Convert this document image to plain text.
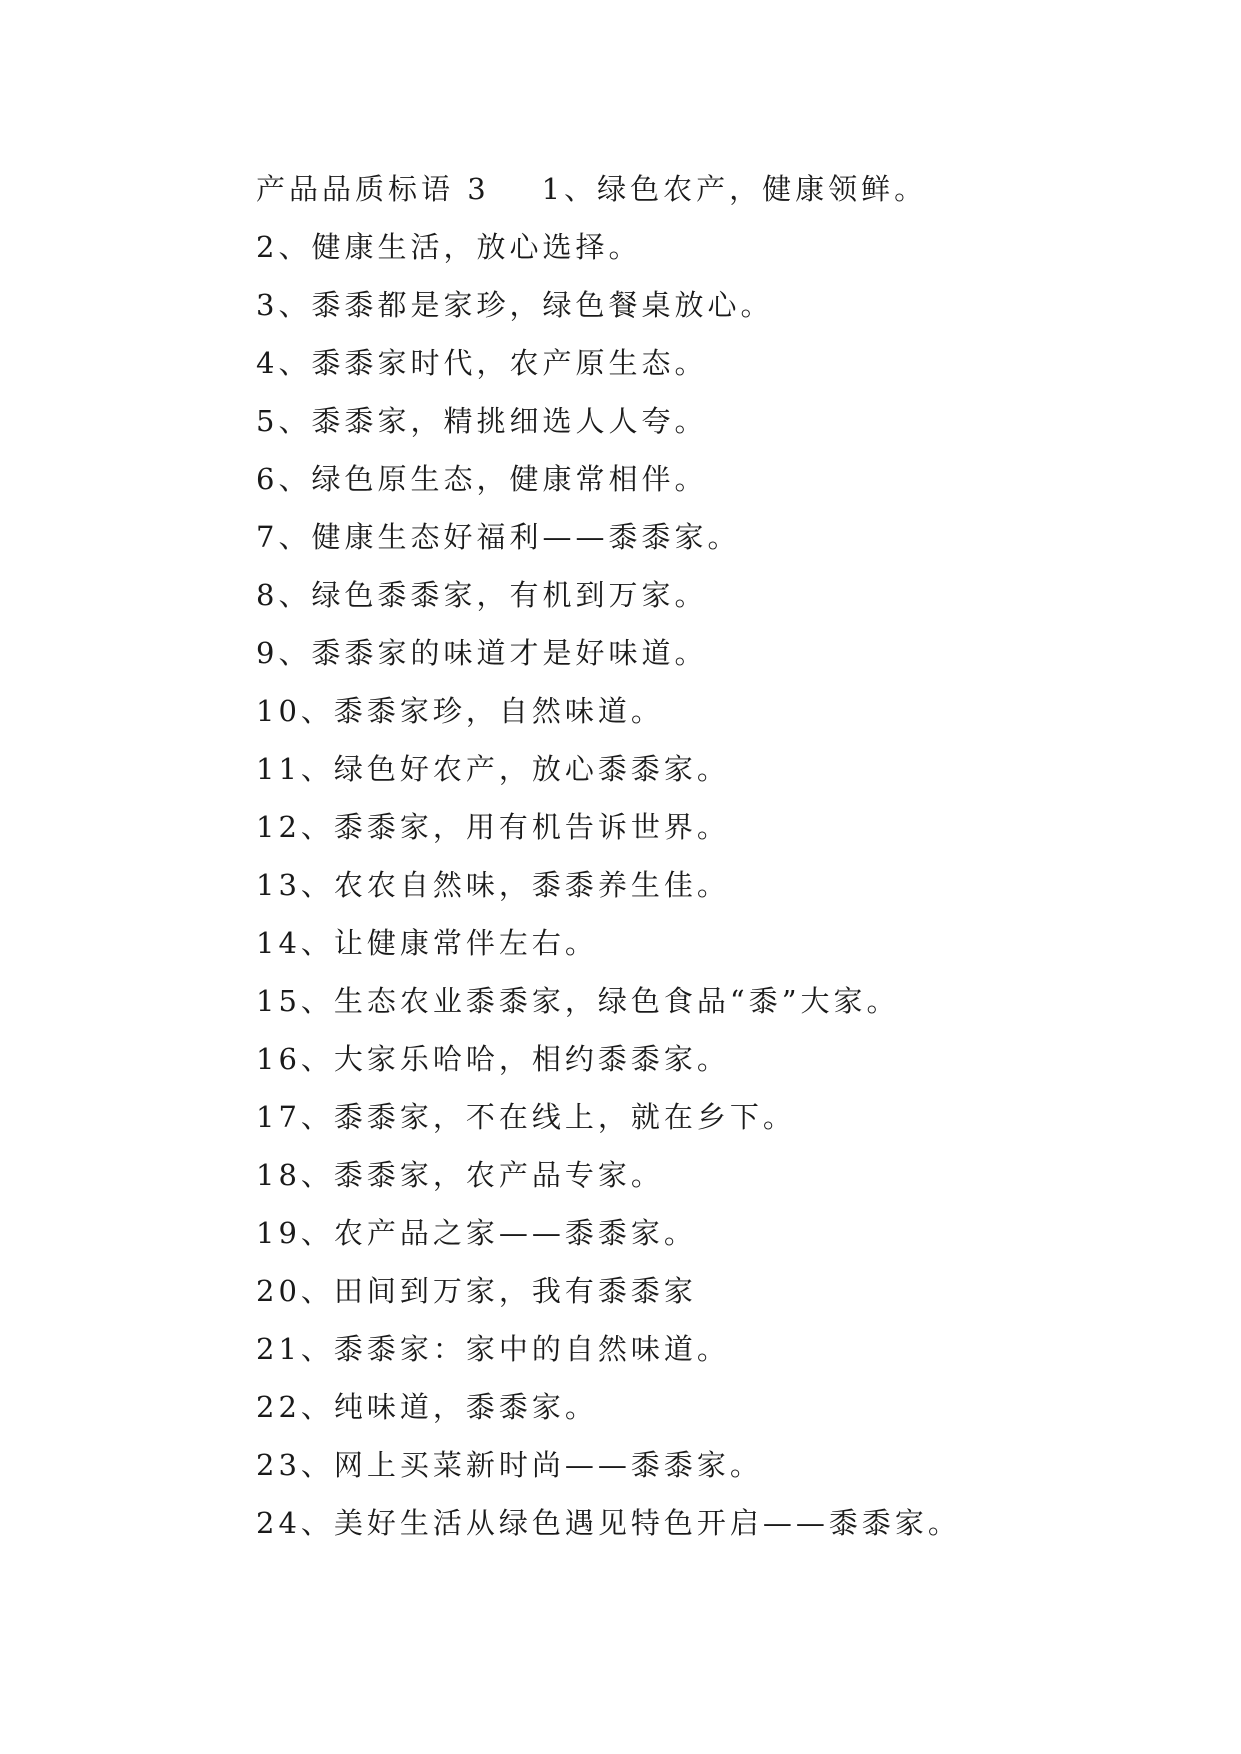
产品品质标语 3 1、绿色农产，健康领鲜。
2、健康生活，放心选择。
3、黍黍都是家珍，绿色餐桌放心。
4、黍黍家时代，农产原生态。
5、黍黍家，精挑细选人人夸。
6、绿色原生态，健康常相伴。
7、健康生态好福利——黍黍家。
8、绿色黍黍家，有机到万家。
9、黍黍家的味道才是好味道。
10、黍黍家珍，自然味道。
11、绿色好农产，放心黍黍家。
12、黍黍家，用有机告诉世界。
13、农农自然味，黍黍养生佳。
14、让健康常伴左右。
15、生态农业黍黍家，绿色食品“黍”大家。
16、大家乐哈哈，相约黍黍家。
17、黍黍家，不在线上，就在乡下。
18、黍黍家，农产品专家。
19、农产品之家——黍黍家。
20、田间到万家，我有黍黍家
21、黍黍家：家中的自然味道。
22、纯味道，黍黍家。
23、网上买菜新时尚——黍黍家。
24、美好生活从绿色遇见特色开启——黍黍家。
